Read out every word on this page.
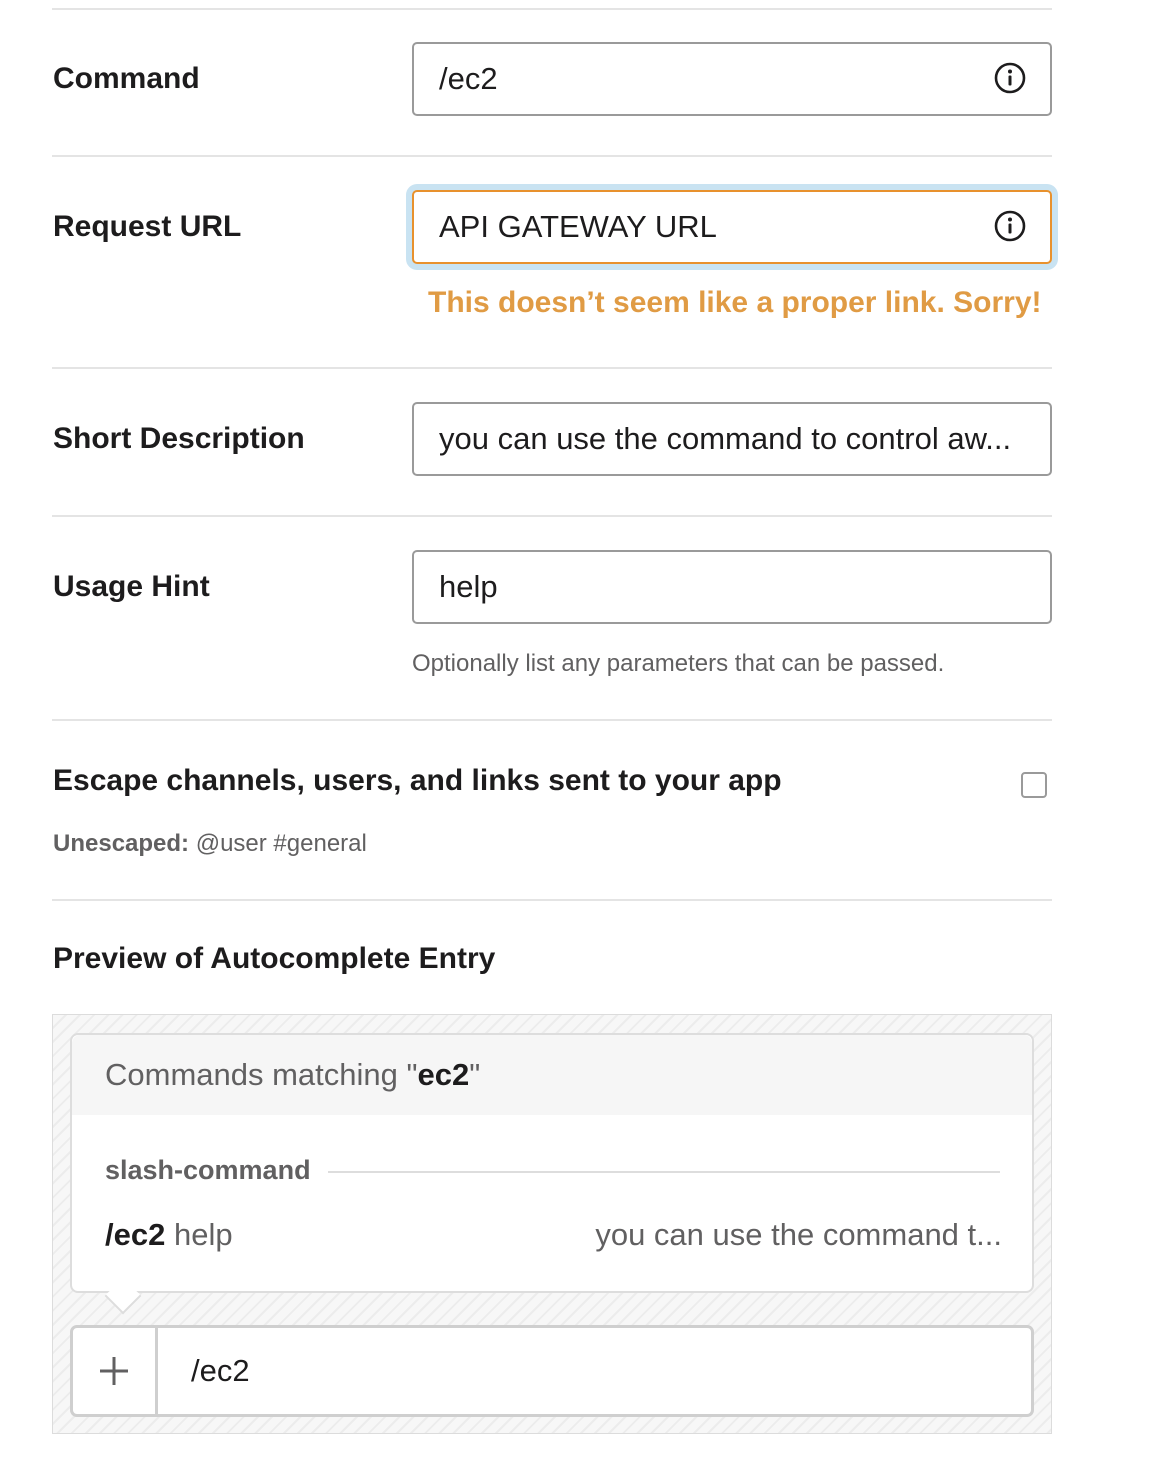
Command	/ec2
Request URL	API GATEWAY URL
This doesn’t seem like a proper link. Sorry!
Short Description	you can use the command to control aw...
Usage Hint	help
Optionally list any parameters that can be passed.
Escape channels, users, and links sent to your app
Unescaped: @user #general
Preview of Autocomplete Entry
Commands matching "ec2"
slash-command
/ec2 help	you can use the command t...
/ec2
